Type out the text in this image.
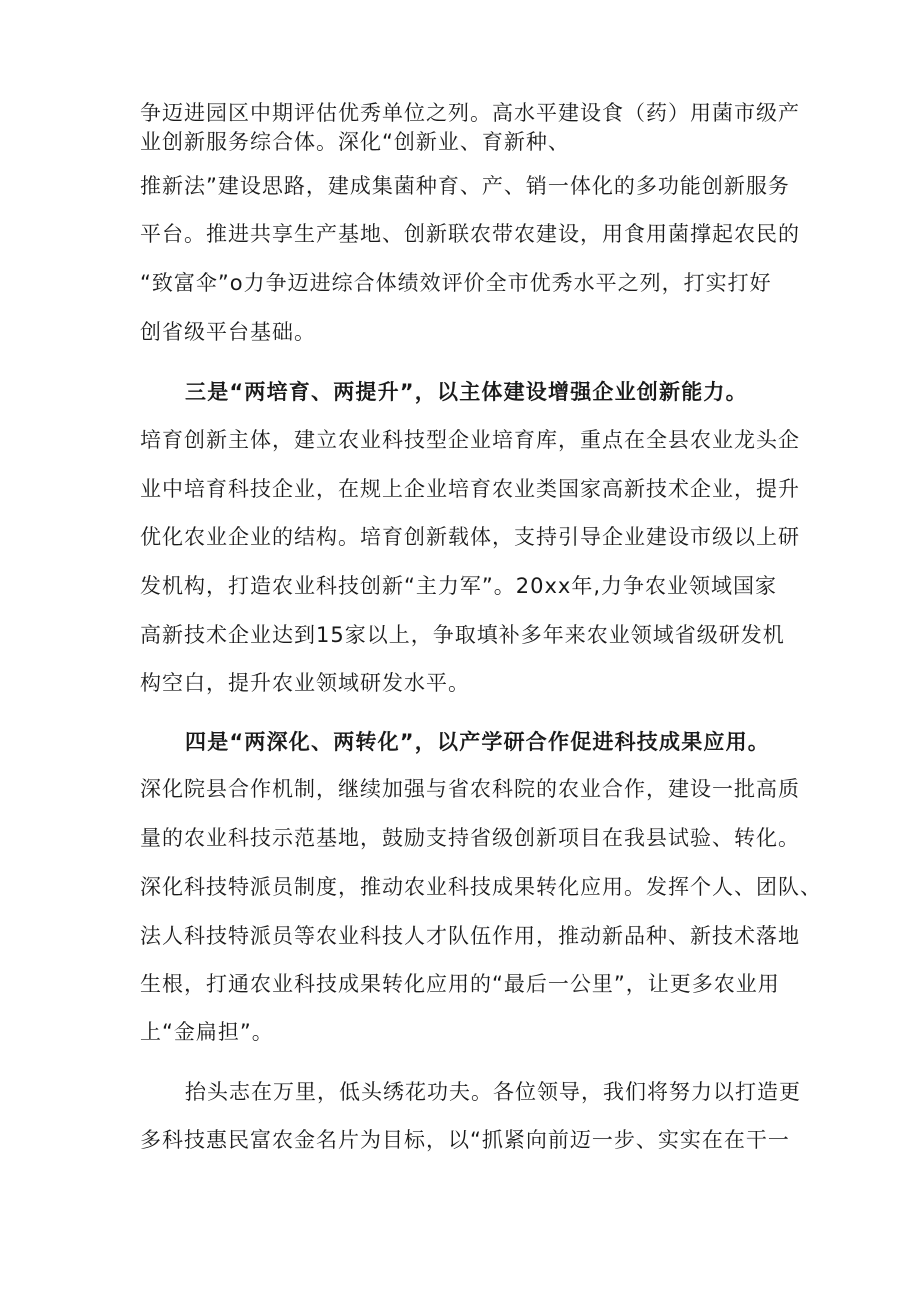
争迈进园区中期评估优秀单位之列。高水平建设食（药）用菌市级产
业创新服务综合体。深化“创新业、育新种、
推新法”建设思路，建成集菌种育、产、销一体化的多功能创新服务
平台。推进共享生产基地、创新联农带农建设，用食用菌撑起农民的
“致富伞”o力争迈进综合体绩效评价全市优秀水平之列，打实打好
创省级平台基础。
三是“两培育、两提升”，以主体建设增强企业创新能力。
培育创新主体，建立农业科技型企业培育库，重点在全县农业龙头企
业中培育科技企业，在规上企业培育农业类国家高新技术企业，提升
优化农业企业的结构。培育创新载体，支持引导企业建设市级以上研
发机构，打造农业科技创新“主力军”。20xx年,力争农业领域国家
高新技术企业达到15家以上，争取填补多年来农业领域省级研发机
构空白，提升农业领域研发水平。
四是“两深化、两转化”，以产学研合作促进科技成果应用。
深化院县合作机制，继续加强与省农科院的农业合作，建设一批高质
量的农业科技示范基地，鼓励支持省级创新项目在我县试验、转化。
深化科技特派员制度，推动农业科技成果转化应用。发挥个人、团队、
法人科技特派员等农业科技人才队伍作用，推动新品种、新技术落地
生根，打通农业科技成果转化应用的“最后一公里”，让更多农业用
上“金扁担”。
抬头志在万里，低头绣花功夫。各位领导，我们将努力以打造更
多科技惠民富农金名片为目标，以“抓紧向前迈一步、实实在在干一
